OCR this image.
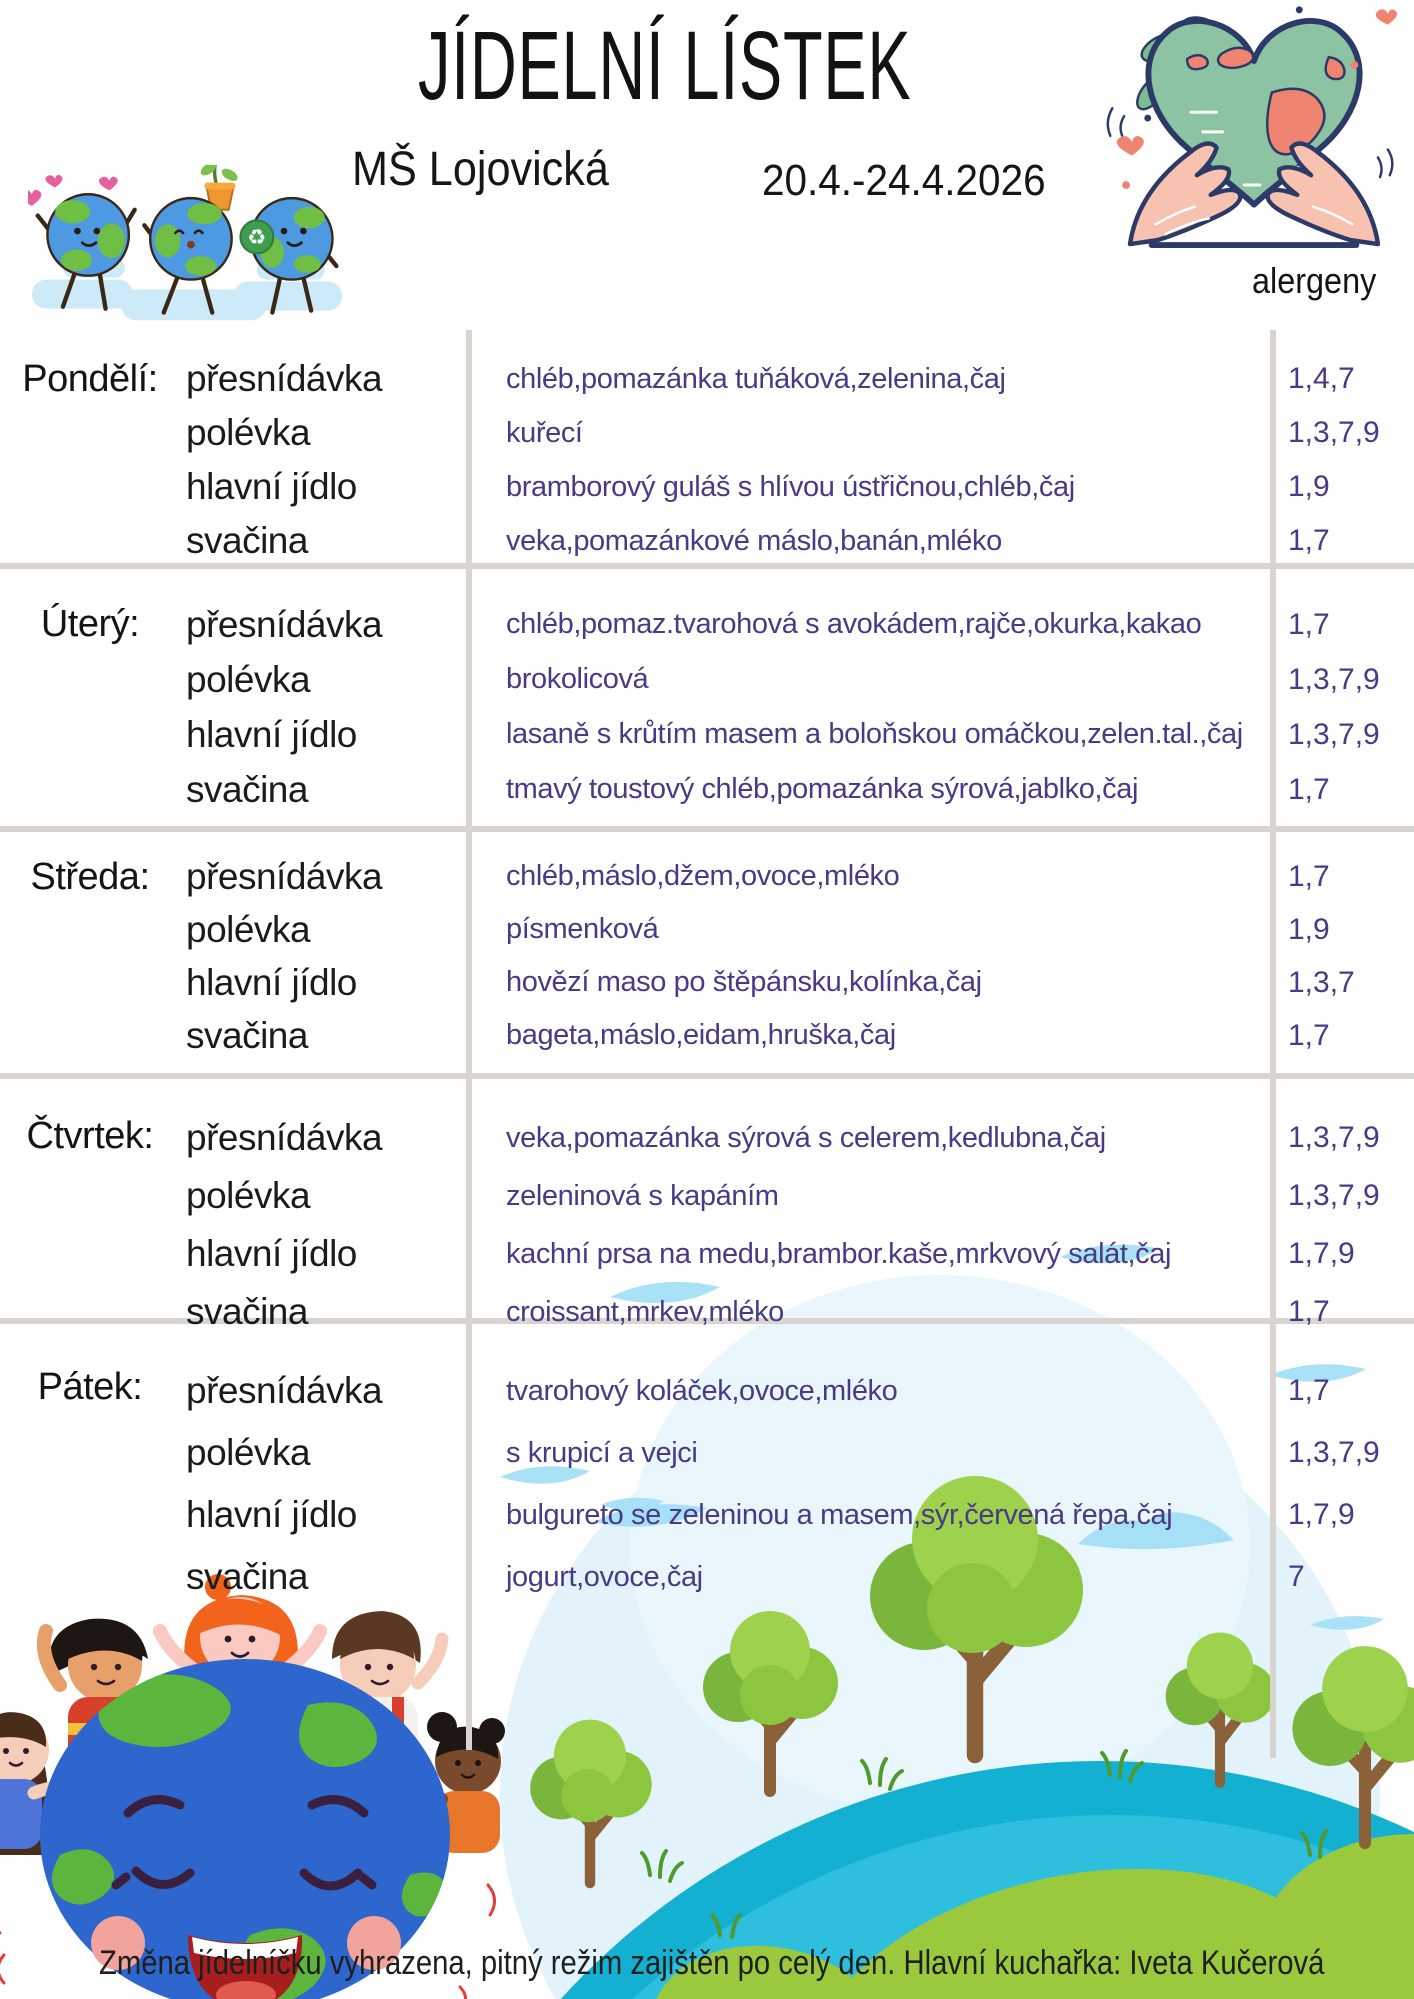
JÍDELNÍ LÍSTEK
MŠ Lojovická	20.4.-24.4.2026
alergeny
Pondělí: přesnídávka	chléb,pomazánka tuňáková,zelenina,čaj	1,4,7
polévka	kuřecí	1,3,7,9
hlavní jídlo	bramborový guláš s hlívou ústřičnou,chléb,čaj	1,9
svačina	veka,pomazánkové máslo,banán,mléko	1,7
Úterý:	přesnídávka	chléb,pomaz.tvarohová s avokádem,rajče,okurka,kakao	1,7
polévka	brokolicová	1,3,7,9
hlavní jídlo	lasaně s krůtím masem a boloňskou omáčkou,zelen.tal.,čaj	1,3,7,9
svačina	tmavý toustový chléb,pomazánka sýrová,jablko,čaj	1,7
Středa: přesnídávka	chléb,máslo,džem,ovoce,mléko	1,7
polévka	písmenková	1,9
hlavní jídlo	hovězí maso po štěpánsku,kolínka,čaj	1,3,7
svačina	bageta,máslo,eidam,hruška,čaj	1,7
Čtvrtek: přesnídávka	veka,pomazánka sýrová s celerem,kedlubna,čaj	1,3,7,9
polévka	zeleninová s kapáním	1,3,7,9
hlavní jídlo	kachní prsa na medu,brambor.kaše,mrkvový salát,čaj	1,7,9
svačina	croissant,mrkev,mléko	1,7
Pátek:	přesnídávka	tvarohový koláček,ovoce,mléko	1,7
polévka	s krupicí a vejci	1,3,7,9
hlavní jídlo	bulgureto se zeleninou a masem,sýr,červená řepa,čaj	1,7,9
svačina	jogurt,ovoce,čaj	7
♻
Změna jídelníčku vyhrazena, pitný režim zajištěn po celý den. Hlavní kuchařka: Iveta Kučerová
